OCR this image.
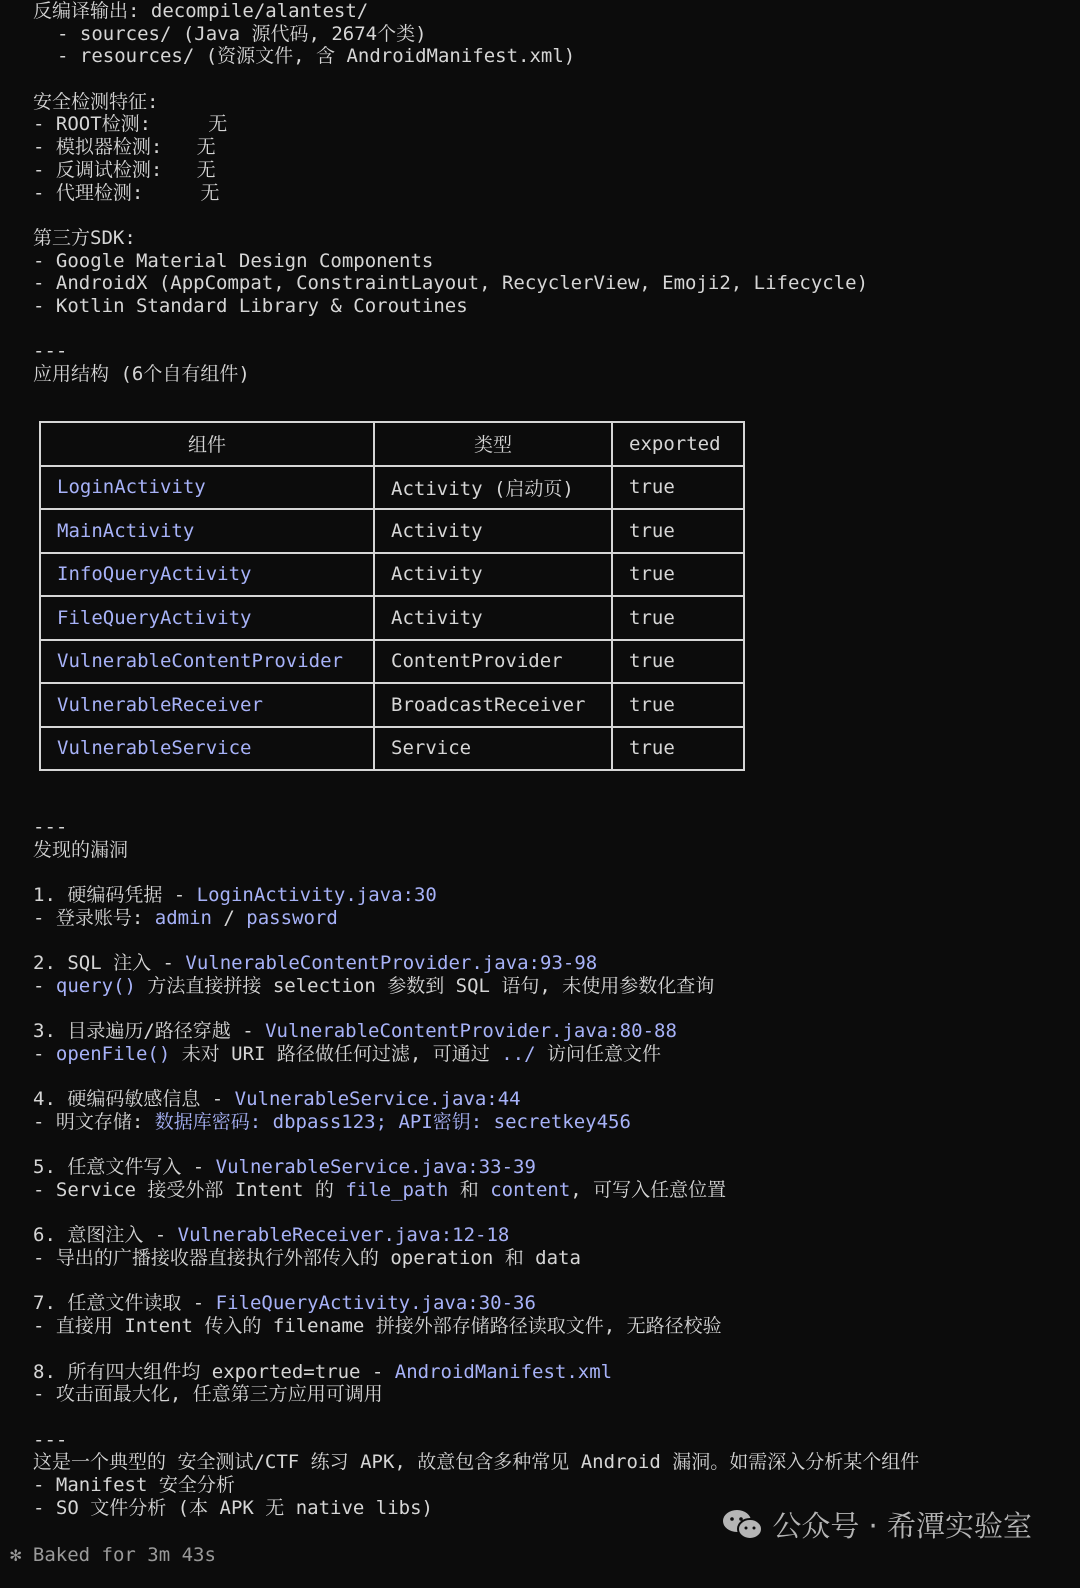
反编译输出: decompile/alantest/
- sources/ (Java 源代码, 2674个类)
- resources/ (资源文件, 含 AndroidManifest.xml)
安全检测特征:
- ROOT检测:     无
- 模拟器检测:   无
- 反调试检测:   无
- 代理检测:     无
第三方SDK:
- Google Material Design Components
- AndroidX (AppCompat, ConstraintLayout, RecyclerView, Emoji2, Lifecycle)
- Kotlin Standard Library & Coroutines
---
应用结构 (6个自有组件)
组件	类型	exported
LoginActivity	Activity (启动页)	true
MainActivity	Activity	true
InfoQueryActivity	Activity	true
FileQueryActivity	Activity	true
VulnerableContentProvider	ContentProvider	true
VulnerableReceiver	BroadcastReceiver	true
VulnerableService	Service	true
---
发现的漏洞
1. 硬编码凭据 - LoginActivity.java:30
- 登录账号: admin / password
2. SQL 注入 - VulnerableContentProvider.java:93-98
- query() 方法直接拼接 selection 参数到 SQL 语句, 未使用参数化查询
3. 目录遍历/路径穿越 - VulnerableContentProvider.java:80-88
- openFile() 未对 URI 路径做任何过滤, 可通过 ../ 访问任意文件
4. 硬编码敏感信息 - VulnerableService.java:44
- 明文存储: 数据库密码: dbpass123; API密钥: secretkey456
5. 任意文件写入 - VulnerableService.java:33-39
- Service 接受外部 Intent 的 file_path 和 content, 可写入任意位置
6. 意图注入 - VulnerableReceiver.java:12-18
- 导出的广播接收器直接执行外部传入的 operation 和 data
7. 任意文件读取 - FileQueryActivity.java:30-36
- 直接用 Intent 传入的 filename 拼接外部存储路径读取文件, 无路径校验
8. 所有四大组件均 exported=true - AndroidManifest.xml
- 攻击面最大化, 任意第三方应用可调用
---
这是一个典型的 安全测试/CTF 练习 APK, 故意包含多种常见 Android 漏洞。如需深入分析某个组件
- Manifest 安全分析
- SO 文件分析 (本 APK 无 native libs)
公众号 · 希潭实验室
✻ Baked for 3m 43s
